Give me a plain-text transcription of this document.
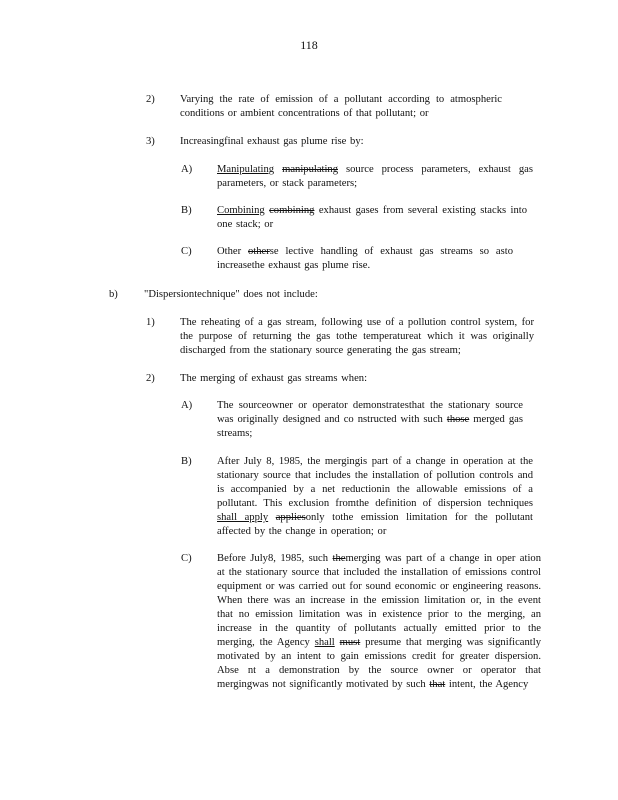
118
2) Varying the rate of emission of a pollutant according to atmospheric conditions or ambient concentrations of that pollutant; or
3) Increasingfinal exhaust gas plume rise by:
A) Manipulating manipulating source process parameters, exhaust gas parameters, or stack parameters;
B) Combining combining exhaust gases from several existing stacks into one stack; or
C) Other otherse lective handling of exhaust gas streams so asto increasethe exhaust gas plume rise.
b) "Dispersiontechnique" does not include:
1) The reheating of a gas stream, following use of a pollution control system, for the purpose of returning the gas tothe temperatureat which it was originally discharged from the stationary source generating the gas stream;
2) The merging of exhaust gas streams when:
A) The sourceowner or operator demonstratesthat the stationary source was originally designed and co nstructed with such those merged gas streams;
B) After July 8, 1985, the mergingis part of a change in operation at the stationary source that includes the installation of pollution controls and is accompanied by a net reductionin the allowable emissions of a pollutant. This exclusion fromthe definition of dispersion techniques shall apply appliesonly tothe emission limitation for the pollutant affected by the change in operation; or
C) Before July8, 1985, such themerging was part of a change in oper ation at the stationary source that included the installation of emissions control equipment or was carried out for sound economic or engineering reasons. When there was an increase in the emission limitation or, in the event that no emission limitation was in existence prior to the merging, an increase in the quantity of pollutants actually emitted prior to the merging, the Agency shall must presume that merging was significantly motivated by an intent to gain emissions credit for greater dispersion. Abse nt a demonstration by the source owner or operator that mergingwas not significantly motivated by such that intent, the Agency
